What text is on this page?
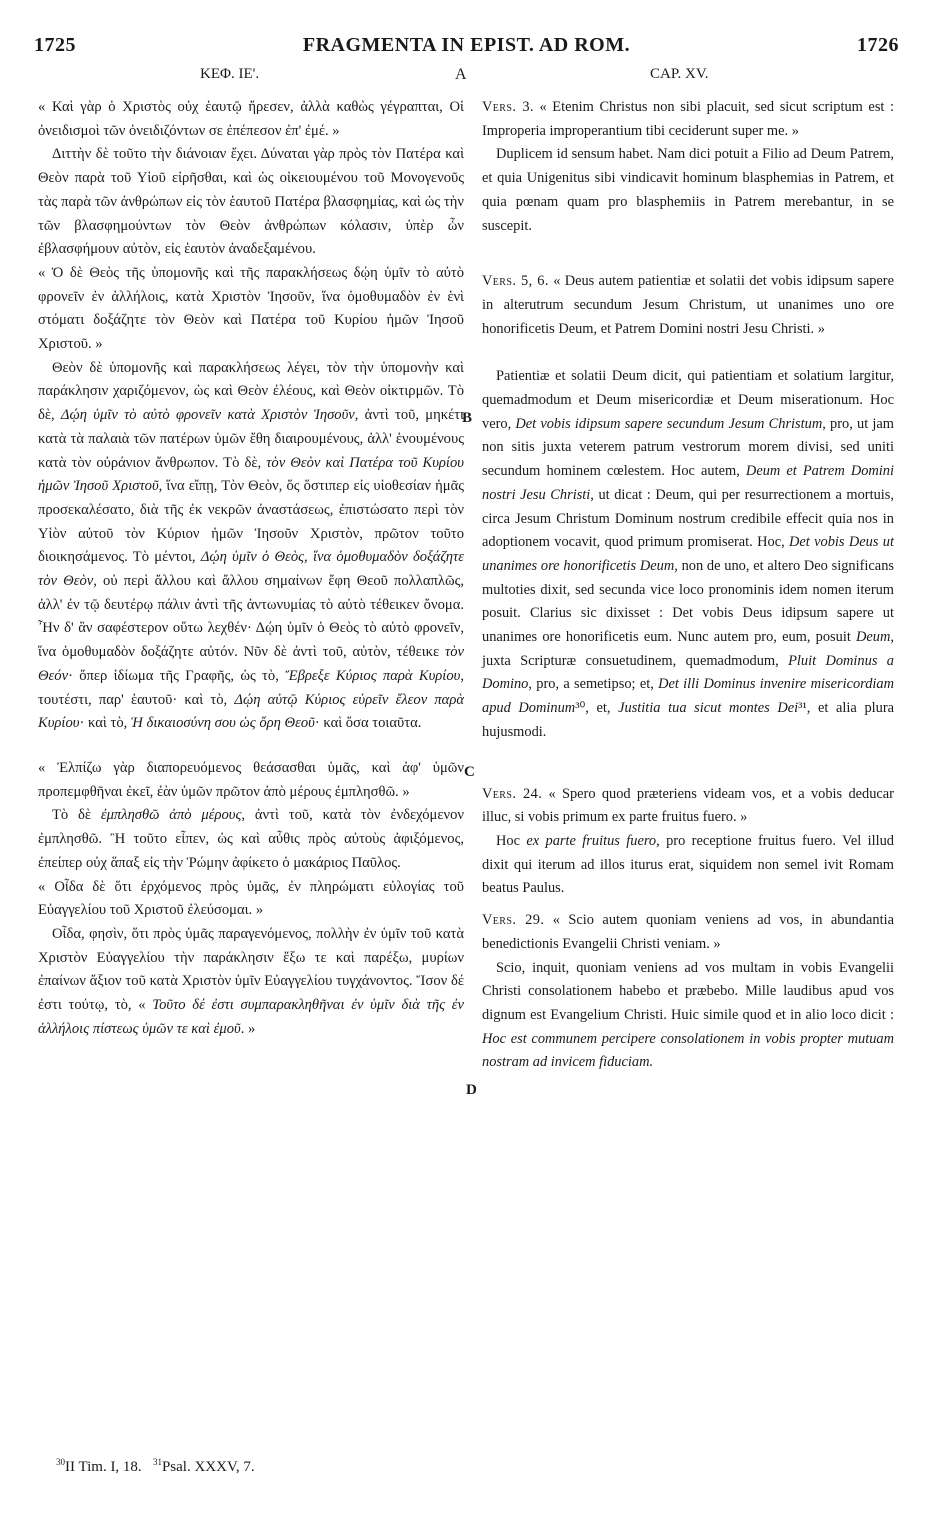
1725	FRAGMENTA IN EPIST. AD ROM.	1726
ΚΕΦ. ΙΕ'.	A	CAP. XV.

« Καὶ γὰρ ὁ Χριστὸς οὐχ ἑαυτῷ ἤρεσεν, ἀλλὰ καθὼς γέγραπται, Οἱ ὀνειδισμοὶ τῶν ὀνειδιζόντων σε ἐπέπεσον ἐπ' ἐμέ. »

Διττὴν δὲ τοῦτο τὴν διάνοιαν ἔχει. Δύναται γὰρ πρὸς τὸν Πατέρα καὶ Θεὸν παρὰ τοῦ Υἱοῦ εἰρῆσθαι, καὶ ὡς οἰκειουμένου τοῦ Μονογενοῦς τὰς παρὰ τῶν ἀνθρώπων εἰς τὸν ἑαυτοῦ Πατέρα βλασφημίας, καὶ ὡς τὴν τῶν βλασφημούντων τὸν Θεὸν ἀνθρώπων κόλασιν, ὑπὲρ ὧν ἐβλασφήμουν αὐτὸν, εἰς ἑαυτὸν ἀναδεξαμένου.

« Ὁ δὲ Θεὸς τῆς ὑπομονῆς καὶ τῆς παρακλήσεως δῴη ὑμῖν τὸ αὐτὸ φρονεῖν ἐν ἀλλήλοις, κατὰ Χριστὸν Ἰησοῦν, ἵνα ὁμοθυμαδὸν ἐν ἑνὶ στόματι δοξάζητε τὸν Θεὸν καὶ Πατέρα τοῦ Κυρίου ἡμῶν Ἰησοῦ Χριστοῦ. »

Θεὸν δὲ ὑπομονῆς καὶ παρακλήσεως λέγει, τὸν τὴν ὑπομονὴν καὶ παράκλησιν χαριζόμενον, ὡς καὶ Θεὸν ἐλέους, καὶ Θεὸν οἰκτιρμῶν. Τὸ δὲ, Δῴη ὑμῖν τὸ αὐτὸ φρονεῖν κατὰ Χριστὸν Ἰησοῦν, ἀντὶ τοῦ, μηκέτι κατὰ τὰ παλαιὰ τῶν πατέρων ὑμῶν ἔθη διαιρουμένους, ἀλλ' ἑνουμένους κατὰ τὸν οὐράνιον ἄνθρωπον. Τὸ δὲ, τὸν Θεὸν καὶ Πατέρα τοῦ Κυρίου ἡμῶν Ἰησοῦ Χριστοῦ, ἵνα εἴπῃ, Τὸν Θεὸν, ὅς ὅστιπερ εἰς υἱοθεσίαν ἡμᾶς προσεκαλέσατο, διὰ τῆς ἐκ νεκρῶν ἀναστάσεως, ἐπιστώσατο περὶ τὸν Υἱὸν αὐτοῦ τὸν Κύριον ἡμῶν Ἰησοῦν Χριστὸν, πρῶτον τοῦτο διοικησάμενος. Τὸ μέντοι, Δῴη ὑμῖν ὁ Θεὸς, ἵνα ὁμοθυμαδὸν δοξάζητε τὸν Θεὸν, οὐ περὶ ἄλλου καὶ ἄλλου σημαίνων ἔφη Θεοῦ πολλαπλῶς, ἀλλ' ἐν τῷ δευτέρῳ πάλιν ἀντὶ τῆς ἀντωνυμίας τὸ αὐτὸ τέθεικεν ὄνομα. Ἦν δ' ἂν σαφέστερον οὕτω λεχθέν· Δῴη ὑμῖν ὁ Θεὸς τὸ αὐτὸ φρονεῖν, ἵνα ὁμοθυμαδὸν δοξάζητε αὐτόν. Νῦν δὲ ἀντὶ τοῦ, αὐτὸν, τέθεικε τὸν Θεόν· ὅπερ ἰδίωμα τῆς Γραφῆς, ὡς τὸ, Ἔβρεξε Κύριος παρὰ Κυρίου, τουτέστι, παρ' ἑαυτοῦ· καὶ τὸ, Δῴη αὐτῷ Κύριος εὑρεῖν ἔλεον παρὰ Κυρίου· καὶ τὸ, Ἡ δικαιοσύνη σου ὡς ὄρη Θεοῦ· καὶ ὅσα τοιαῦτα.

« Ἐλπίζω γὰρ διαπορευόμενος θεάσασθαι ὑμᾶς, καὶ ἀφ' ὑμῶν προπεμφθῆναι ἐκεῖ, ἐὰν ὑμῶν πρῶτον ἀπὸ μέρους ἐμπλησθῶ. »

Τὸ δὲ ἐμπλησθῶ ἀπὸ μέρους, ἀντὶ τοῦ, κατὰ τὸν ἐνδεχόμενον ἐμπλησθῶ. Ἢ τοῦτο εἶπεν, ὡς καὶ αὖθις πρὸς αὐτοὺς ἀφιξόμενος, ἐπείπερ οὐχ ἅπαξ εἰς τὴν Ῥώμην ἀφίκετο ὁ μακάριος Παῦλος.

« Οἶδα δὲ ὅτι ἐρχόμενος πρὸς ὑμᾶς, ἐν πληρώματι εὐλογίας τοῦ Εὐαγγελίου τοῦ Χριστοῦ ἐλεύσομαι. »

Οἶδα, φησὶν, ὅτι πρὸς ὑμᾶς παραγενόμενος, πολλὴν ἐν ὑμῖν τοῦ κατὰ Χριστὸν Εὐαγγελίου τὴν παράκλησιν ἕξω τε καὶ παρέξω, μυρίων ἐπαίνων ἄξιον τοῦ κατὰ Χριστὸν ὑμῖν Εὐαγγελίου τυγχάνοντος. Ἴσον δέ ἐστι τούτῳ, τὸ, « Τοῦτο δέ ἐστι συμπαρακληθῆναι ἐν ὑμῖν διὰ τῆς ἐν ἀλλήλοις πίστεως ὑμῶν τε καὶ ἐμοῦ. »

Vers. 3. « Etenim Christus non sibi placuit, sed sicut scriptum est : Improperia improperantium tibi ceciderunt super me. »

Duplicem id sensum habet. Nam dici potuit a Filio ad Deum Patrem, et quia Unigenitus sibi vindicavit hominum blasphemias in Patrem, et quia pœnam quam pro blasphemiis in Patrem merebantur, in se suscepit.

Vers. 5, 6. « Deus autem patientiæ et solatii det vobis idipsum sapere in alterutrum secundum Jesum Christum, ut unanimes uno ore honorificetis Deum, et Patrem Domini nostri Jesu Christi. »

Patientiæ et solatii Deum dicit, qui patientiam et solatium largitur, quemadmodum et Deum misericordiæ et Deum miserationum. Hoc vero, Det vobis idipsum sapere secundum Jesum Christum, pro, ut jam non sitis juxta veterem patrum vestrorum morem divisi, sed uniti secundum hominem cœlestem. Hoc autem, Deum et Patrem Domini nostri Jesu Christi, ut dicat : Deum, qui per resurrectionem a mortuis, circa Jesum Christum Dominum nostrum credibile effecit quia nos in adoptionem vocavit, quod primum promiserat. Hoc, Det vobis Deus ut unanimes ore honorificetis Deum, non de uno, et altero Deo significans multoties dixit, sed secunda vice loco pronominis idem nomen iterum posuit. Clarius sic dixisset : Det vobis Deus idipsum sapere ut unanimes ore honorificetis eum. Nunc autem pro, eum, posuit Deum, juxta Scripturæ consuetudinem, quemadmodum, Pluit Dominus a Domino, pro, a semetipso; et, Det illi Dominus invenire misericordiam apud Dominum³⁰, et, Justitia tua sicut montes Dei³¹, et alia plura hujusmodi.

Vers. 24. « Spero quod præteriens videam vos, et a vobis deducar illuc, si vobis primum ex parte fruitus fuero. »

Hoc ex parte fruitus fuero, pro receptione fruitus fuero. Vel illud dixit qui iterum ad illos iturus erat, siquidem non semel ivit Romam beatus Paulus.

Vers. 29. « Scio autem quoniam veniens ad vos, in abundantia benedictionis Evangelii Christi veniam. »

Scio, inquit, quoniam veniens ad vos multam in vobis Evangelii Christi consolationem habebo et præbebo. Mille laudibus apud vos dignum est Evangelium Christi. Huic simile quod et in alio loco dicit : Hoc est communem percipere consolationem in vobis propter mutuam nostram ad invicem fiduciam.

B
C
D
$^{30}$II Tim. I, 18. $^{31}$Psal. XXXV, 7.
